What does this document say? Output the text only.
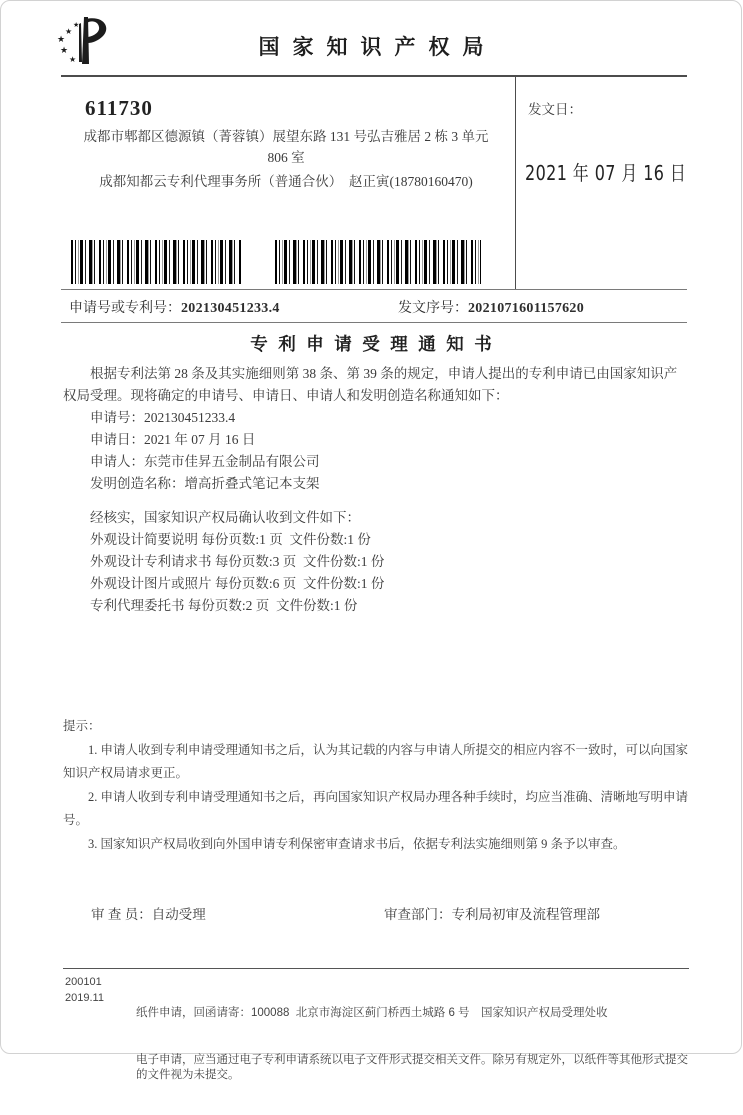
★
★
★
★
★
国家知识产权局
611730
成都市郫都区德源镇（菁蓉镇）展望东路 131 号弘吉雅居 2 栋 3 单元
806 室
成都知都云专利代理事务所（普通合伙）　赵正寅(18780160470)
发文日：
2021 年 07 月 16 日
申请号或专利号：202130451233.4	发文序号：2021071601157620
专利申请受理通知书

根据专利法第 28 条及其实施细则第 38 条、第 39 条的规定，申请人提出的专利申请已由国家知识产权局受理。现将确定的申请号、申请日、申请人和发明创造名称通知如下：

申请号：202130451233.4

申请日：2021 年 07 月 16 日

申请人：东莞市佳昇五金制品有限公司

发明创造名称：增高折叠式笔记本支架

经核实，国家知识产权局确认收到文件如下：

外观设计简要说明 每份页数:1 页  文件份数:1 份

外观设计专利请求书 每份页数:3 页  文件份数:1 份

外观设计图片或照片 每份页数:6 页  文件份数:1 份

专利代理委托书 每份页数:2 页  文件份数:1 份

提示：

1. 申请人收到专利申请受理通知书之后，认为其记载的内容与申请人所提交的相应内容不一致时，可以向国家知识产权局请求更正。

2. 申请人收到专利申请受理通知书之后，再向国家知识产权局办理各种手续时，均应当准确、清晰地写明申请号。

3. 国家知识产权局收到向外国申请专利保密审查请求书后，依据专利法实施细则第 9 条予以审查。

审 查 员：自动受理	审查部门：专利局初审及流程管理部
200101
2019.11

纸件申请，回函请寄：100088  北京市海淀区蓟门桥西土城路 6 号　国家知识产权局受理处收

电子申请，应当通过电子专利申请系统以电子文件形式提交相关文件。除另有规定外，以纸件等其他形式提交的文件视为未提交。
